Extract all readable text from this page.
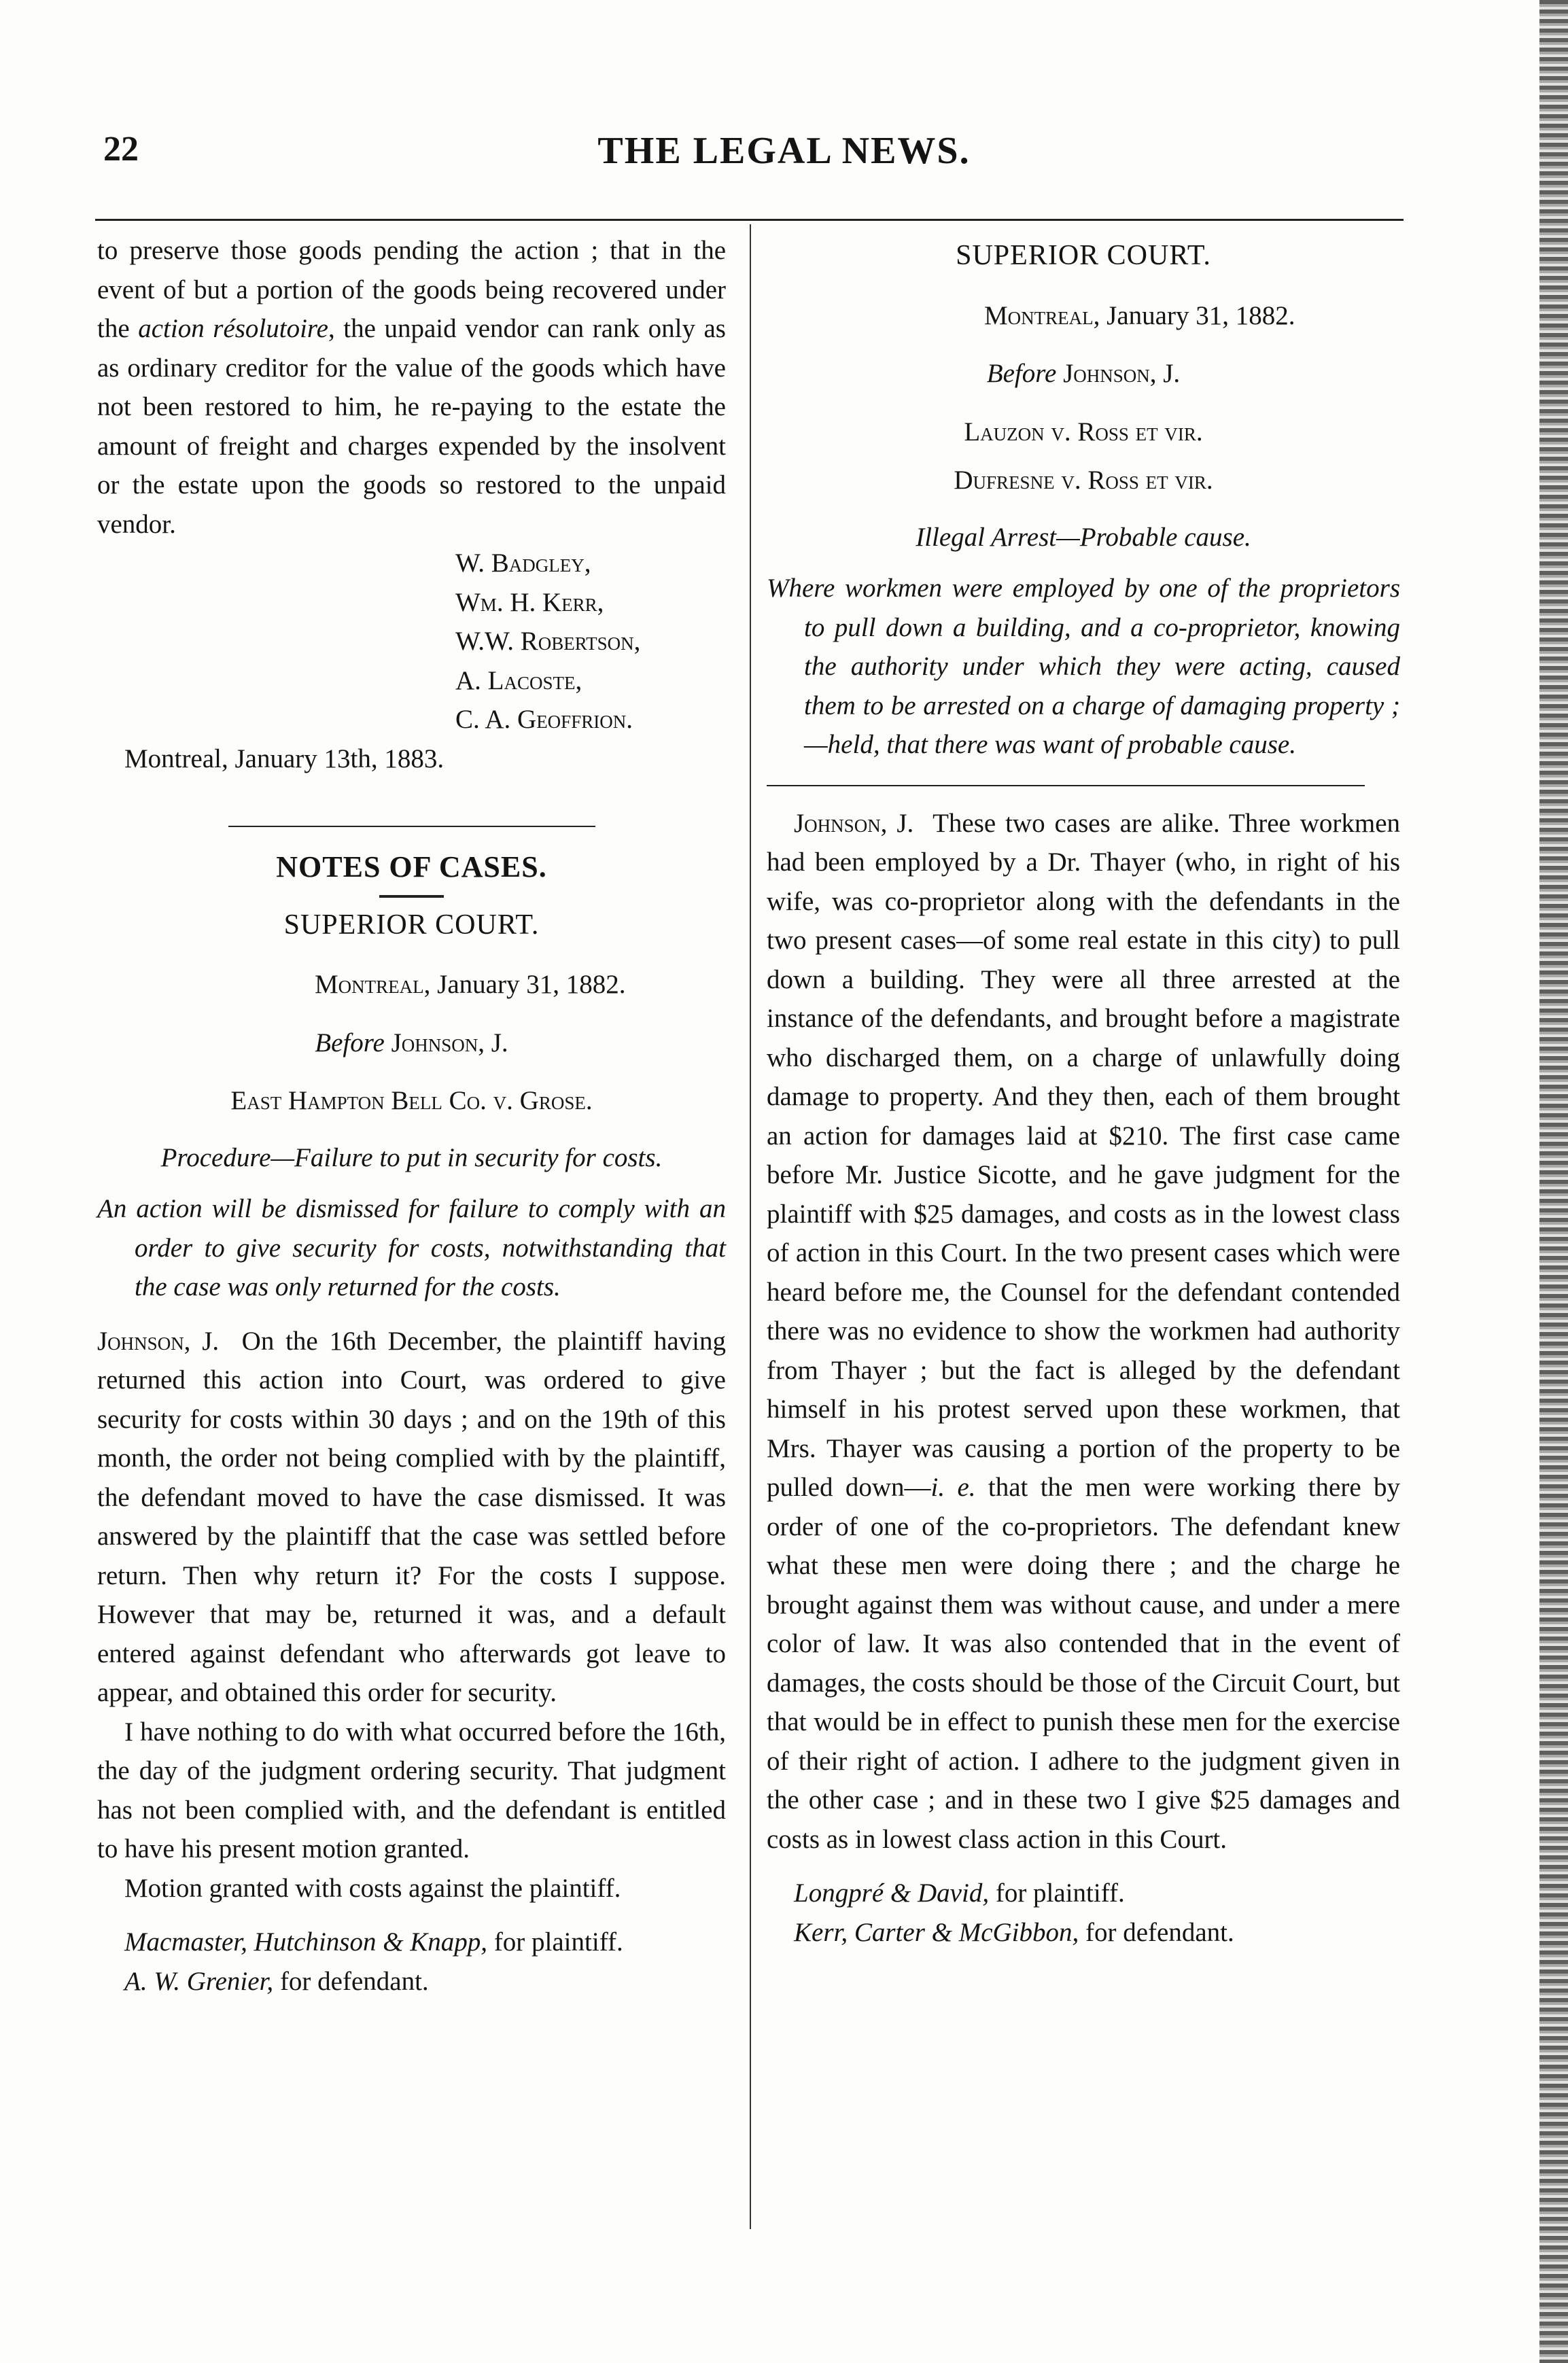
22	THE LEGAL NEWS.

to preserve those goods pending the action ; that in the event of but a portion of the goods being recovered under the action résolutoire, the unpaid vendor can rank only as as ordinary creditor for the value of the goods which have not been restored to him, he re-paying to the estate the amount of freight and charges expended by the insolvent or the estate upon the goods so restored to the unpaid vendor.

W. Badgley,
Wm. H. Kerr,
W.W. Robertson,
A. Lacoste,
C. A. Geoffrion.
Montreal, January 13th, 1883.
NOTES OF CASES.
SUPERIOR COURT.
Montreal, January 31, 1882.
Before Johnson, J.
East Hampton Bell Co. v. Grose.
Procedure—Failure to put in security for costs.
An action will be dismissed for failure to comply with an order to give security for costs, notwithstanding that the case was only returned for the costs.

Johnson, J. On the 16th December, the plaintiff having returned this action into Court, was ordered to give security for costs within 30 days ; and on the 19th of this month, the order not being complied with by the plaintiff, the defendant moved to have the case dismissed. It was answered by the plaintiff that the case was settled before return. Then why return it? For the costs I suppose. However that may be, returned it was, and a default entered against defendant who afterwards got leave to appear, and obtained this order for security.

I have nothing to do with what occurred before the 16th, the day of the judgment ordering security. That judgment has not been complied with, and the defendant is entitled to have his present motion granted.

Motion granted with costs against the plaintiff.

Macmaster, Hutchinson & Knapp, for plaintiff.
A. W. Grenier, for defendant.
SUPERIOR COURT.
Montreal, January 31, 1882.
Before Johnson, J.
Lauzon v. Ross et vir.
Dufresne v. Ross et vir.
Illegal Arrest—Probable cause.
Where workmen were employed by one of the proprietors to pull down a building, and a co-proprietor, knowing the authority under which they were acting, caused them to be arrested on a charge of damaging property ;—held, that there was want of probable cause.

Johnson, J. These two cases are alike. Three workmen had been employed by a Dr. Thayer (who, in right of his wife, was co-proprietor along with the defendants in the two present cases—of some real estate in this city) to pull down a building. They were all three arrested at the instance of the defendants, and brought before a magistrate who discharged them, on a charge of unlawfully doing damage to property. And they then, each of them brought an action for damages laid at $210. The first case came before Mr. Justice Sicotte, and he gave judgment for the plaintiff with $25 damages, and costs as in the lowest class of action in this Court. In the two present cases which were heard before me, the Counsel for the defendant contended there was no evidence to show the workmen had authority from Thayer ; but the fact is alleged by the defendant himself in his protest served upon these workmen, that Mrs. Thayer was causing a portion of the property to be pulled down—i. e. that the men were working there by order of one of the co-proprietors. The defendant knew what these men were doing there ; and the charge he brought against them was without cause, and under a mere color of law. It was also contended that in the event of damages, the costs should be those of the Circuit Court, but that would be in effect to punish these men for the exercise of their right of action. I adhere to the judgment given in the other case ; and in these two I give $25 damages and costs as in lowest class action in this Court.

Longpré & David, for plaintiff.
Kerr, Carter & McGibbon, for defendant.
